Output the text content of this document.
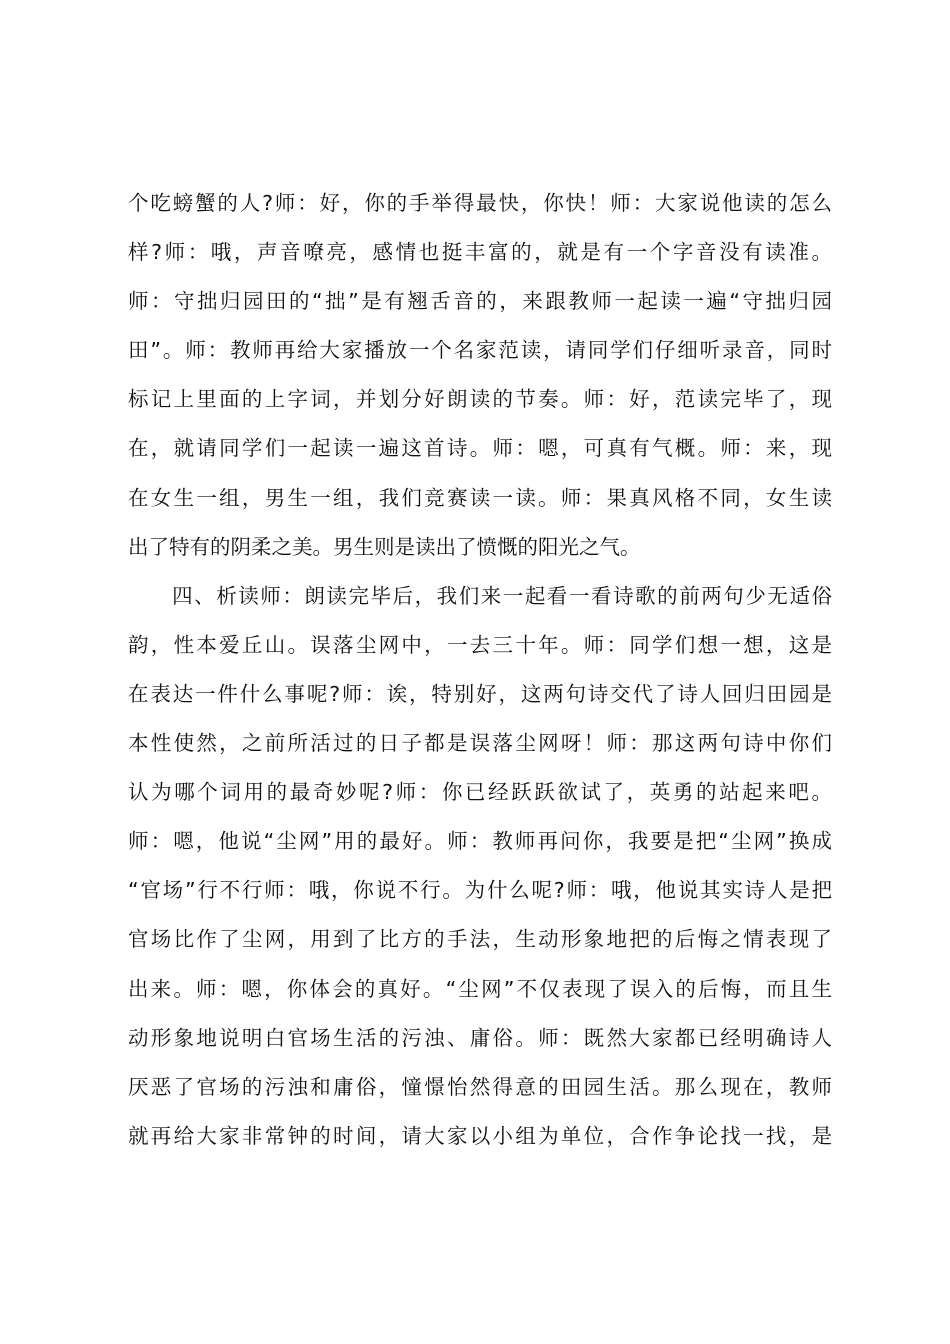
个吃螃蟹的人?师：好，你的手举得最快，你快！师：大家说他读的怎么
样?师：哦，声音嘹亮，感情也挺丰富的，就是有一个字音没有读准。
师：守拙归园田的“拙”是有翘舌音的，来跟教师一起读一遍“守拙归园
田”。师：教师再给大家播放一个名家范读，请同学们仔细听录音，同时
标记上里面的上字词，并划分好朗读的节奏。师：好，范读完毕了，现
在，就请同学们一起读一遍这首诗。师：嗯，可真有气概。师：来，现
在女生一组，男生一组，我们竞赛读一读。师：果真风格不同，女生读
出了特有的阴柔之美。男生则是读出了愤慨的阳光之气。
　　四、析读师：朗读完毕后，我们来一起看一看诗歌的前两句少无适俗
韵，性本爱丘山。误落尘网中，一去三十年。师：同学们想一想，这是
在表达一件什么事呢?师：诶，特别好，这两句诗交代了诗人回归田园是
本性使然，之前所活过的日子都是误落尘网呀！师：那这两句诗中你们
认为哪个词用的最奇妙呢?师：你已经跃跃欲试了，英勇的站起来吧。
师：嗯，他说“尘网”用的最好。师：教师再问你，我要是把“尘网”换成
“官场”行不行师：哦，你说不行。为什么呢?师：哦，他说其实诗人是把
官场比作了尘网，用到了比方的手法，生动形象地把的后悔之情表现了
出来。师：嗯，你体会的真好。“尘网”不仅表现了误入的后悔，而且生
动形象地说明白官场生活的污浊、庸俗。师：既然大家都已经明确诗人
厌恶了官场的污浊和庸俗，憧憬怡然得意的田园生活。那么现在，教师
就再给大家非常钟的时间，请大家以小组为单位，合作争论找一找，是
